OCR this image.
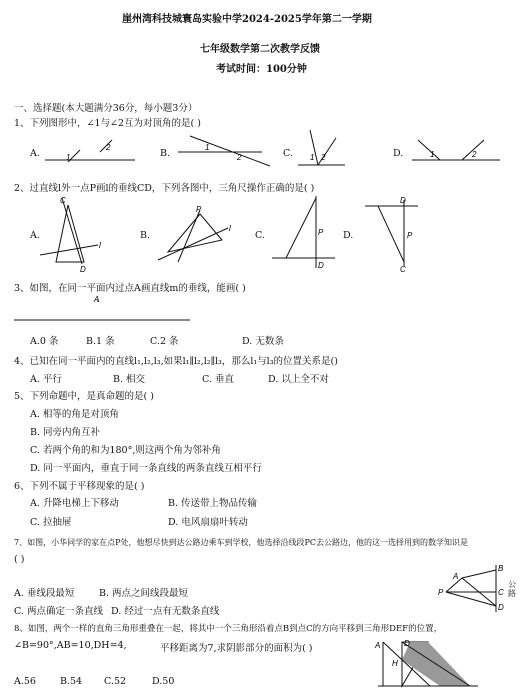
崖州湾科技城寰岛实验中学2024-2025学年第二一学期
七年级数学第二次教学反馈
考试时间：100分钟
一、选择题(本大题满分36分，每小题3分）
1、下列图形中，∠1与∠2互为对顶角的是( )
A.	B.	C.	D.
1
2	1
2	1 2	1	2
C
D
l
P
l	P
D
D
P
C
A
A
B
C
D
P
A	D
H
公路
2、过直线l外一点P画l的垂线CD，下列各图中，三角尺操作正确的是( )
A.	B.	C.	D.
3、如图，在同一平面内过点A画直线m的垂线，能画( )
A.0 条	B.1 条	C.2 条	D. 无数条
4、已知在同一平面内的直线l₁,l₂,l₃,如果l₁∥l₂,l₂∥l₃，那么l₁与l₃的位置关系是()
A. 平行	B. 相交	C. 垂直	D. 以上全不对
5、下列命题中，是真命题的是( )
A. 相等的角是对顶角
B. 同旁内角互补
C. 若两个角的和为180°,则这两个角为邻补角
D. 同一平面内，垂直于同一条直线的两条直线互相平行
6、下列不属于平移现象的是( )
A. 升降电梯上下移动	B. 传送带上物品传输
C. 拉抽屉	D. 电风扇扇叶转动
7、如图，小华同学的家在点P处，他想尽快到达公路边乘车到学校，他选择沿线段PC去公路边，他的这一选择用到的数学知识是
( )
A. 垂线段最短	B. 两点之间线段最短
C. 两点确定一条直线 D. 经过一点有无数条直线
8、如图，两个一样的直角三角形重叠在一起，将其中一个三角形沿着点B到点C的方向平移到三角形DEF的位置，
∠B=90°,AB=10,DH=4,	平移距离为7,求阴影部分的面积为( )
A.56	B.54 C.52	D.50
